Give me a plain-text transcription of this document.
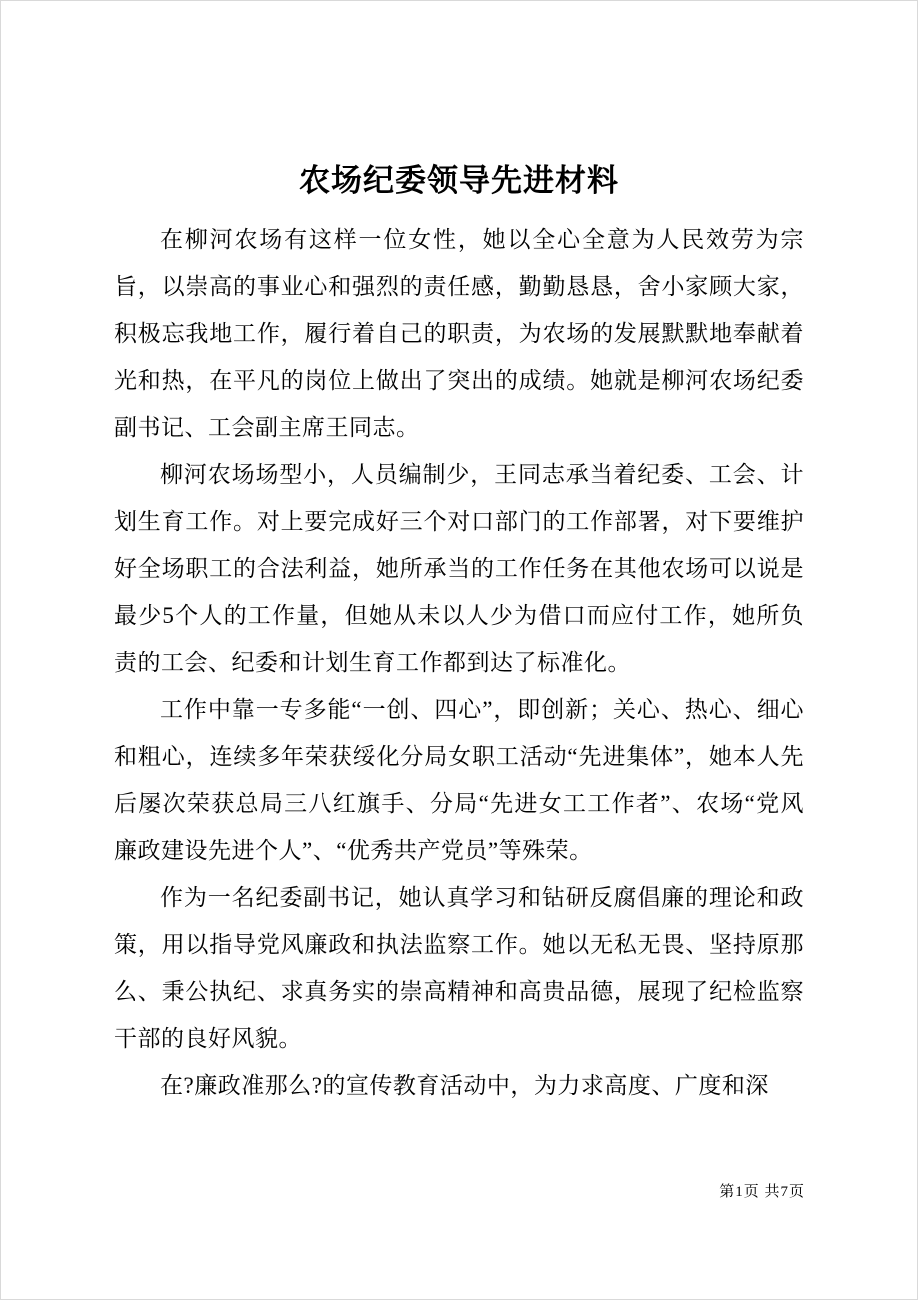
农场纪委领导先进材料

在柳河农场有这样一位女性，她以全心全意为人民效劳为宗旨，以崇高的事业心和强烈的责任感，勤勤恳恳，舍小家顾大家，积极忘我地工作，履行着自己的职责，为农场的发展默默地奉献着光和热，在平凡的岗位上做出了突出的成绩。她就是柳河农场纪委副书记、工会副主席王同志。

柳河农场场型小，人员编制少，王同志承当着纪委、工会、计划生育工作。对上要完成好三个对口部门的工作部署，对下要维护好全场职工的合法利益，她所承当的工作任务在其他农场可以说是最少5个人的工作量，但她从未以人少为借口而应付工作，她所负责的工会、纪委和计划生育工作都到达了标准化。

工作中靠一专多能“一创、四心”，即创新；关心、热心、细心和粗心，连续多年荣获绥化分局女职工活动“先进集体”，她本人先后屡次荣获总局三八红旗手、分局“先进女工工作者”、农场“党风廉政建设先进个人”、“优秀共产党员”等殊荣。

作为一名纪委副书记，她认真学习和钻研反腐倡廉的理论和政策，用以指导党风廉政和执法监察工作。她以无私无畏、坚持原那么、秉公执纪、求真务实的崇高精神和高贵品德，展现了纪检监察干部的良好风貌。

在?廉政准那么?的宣传教育活动中，为力求高度、广度和深

第1页 共7页
